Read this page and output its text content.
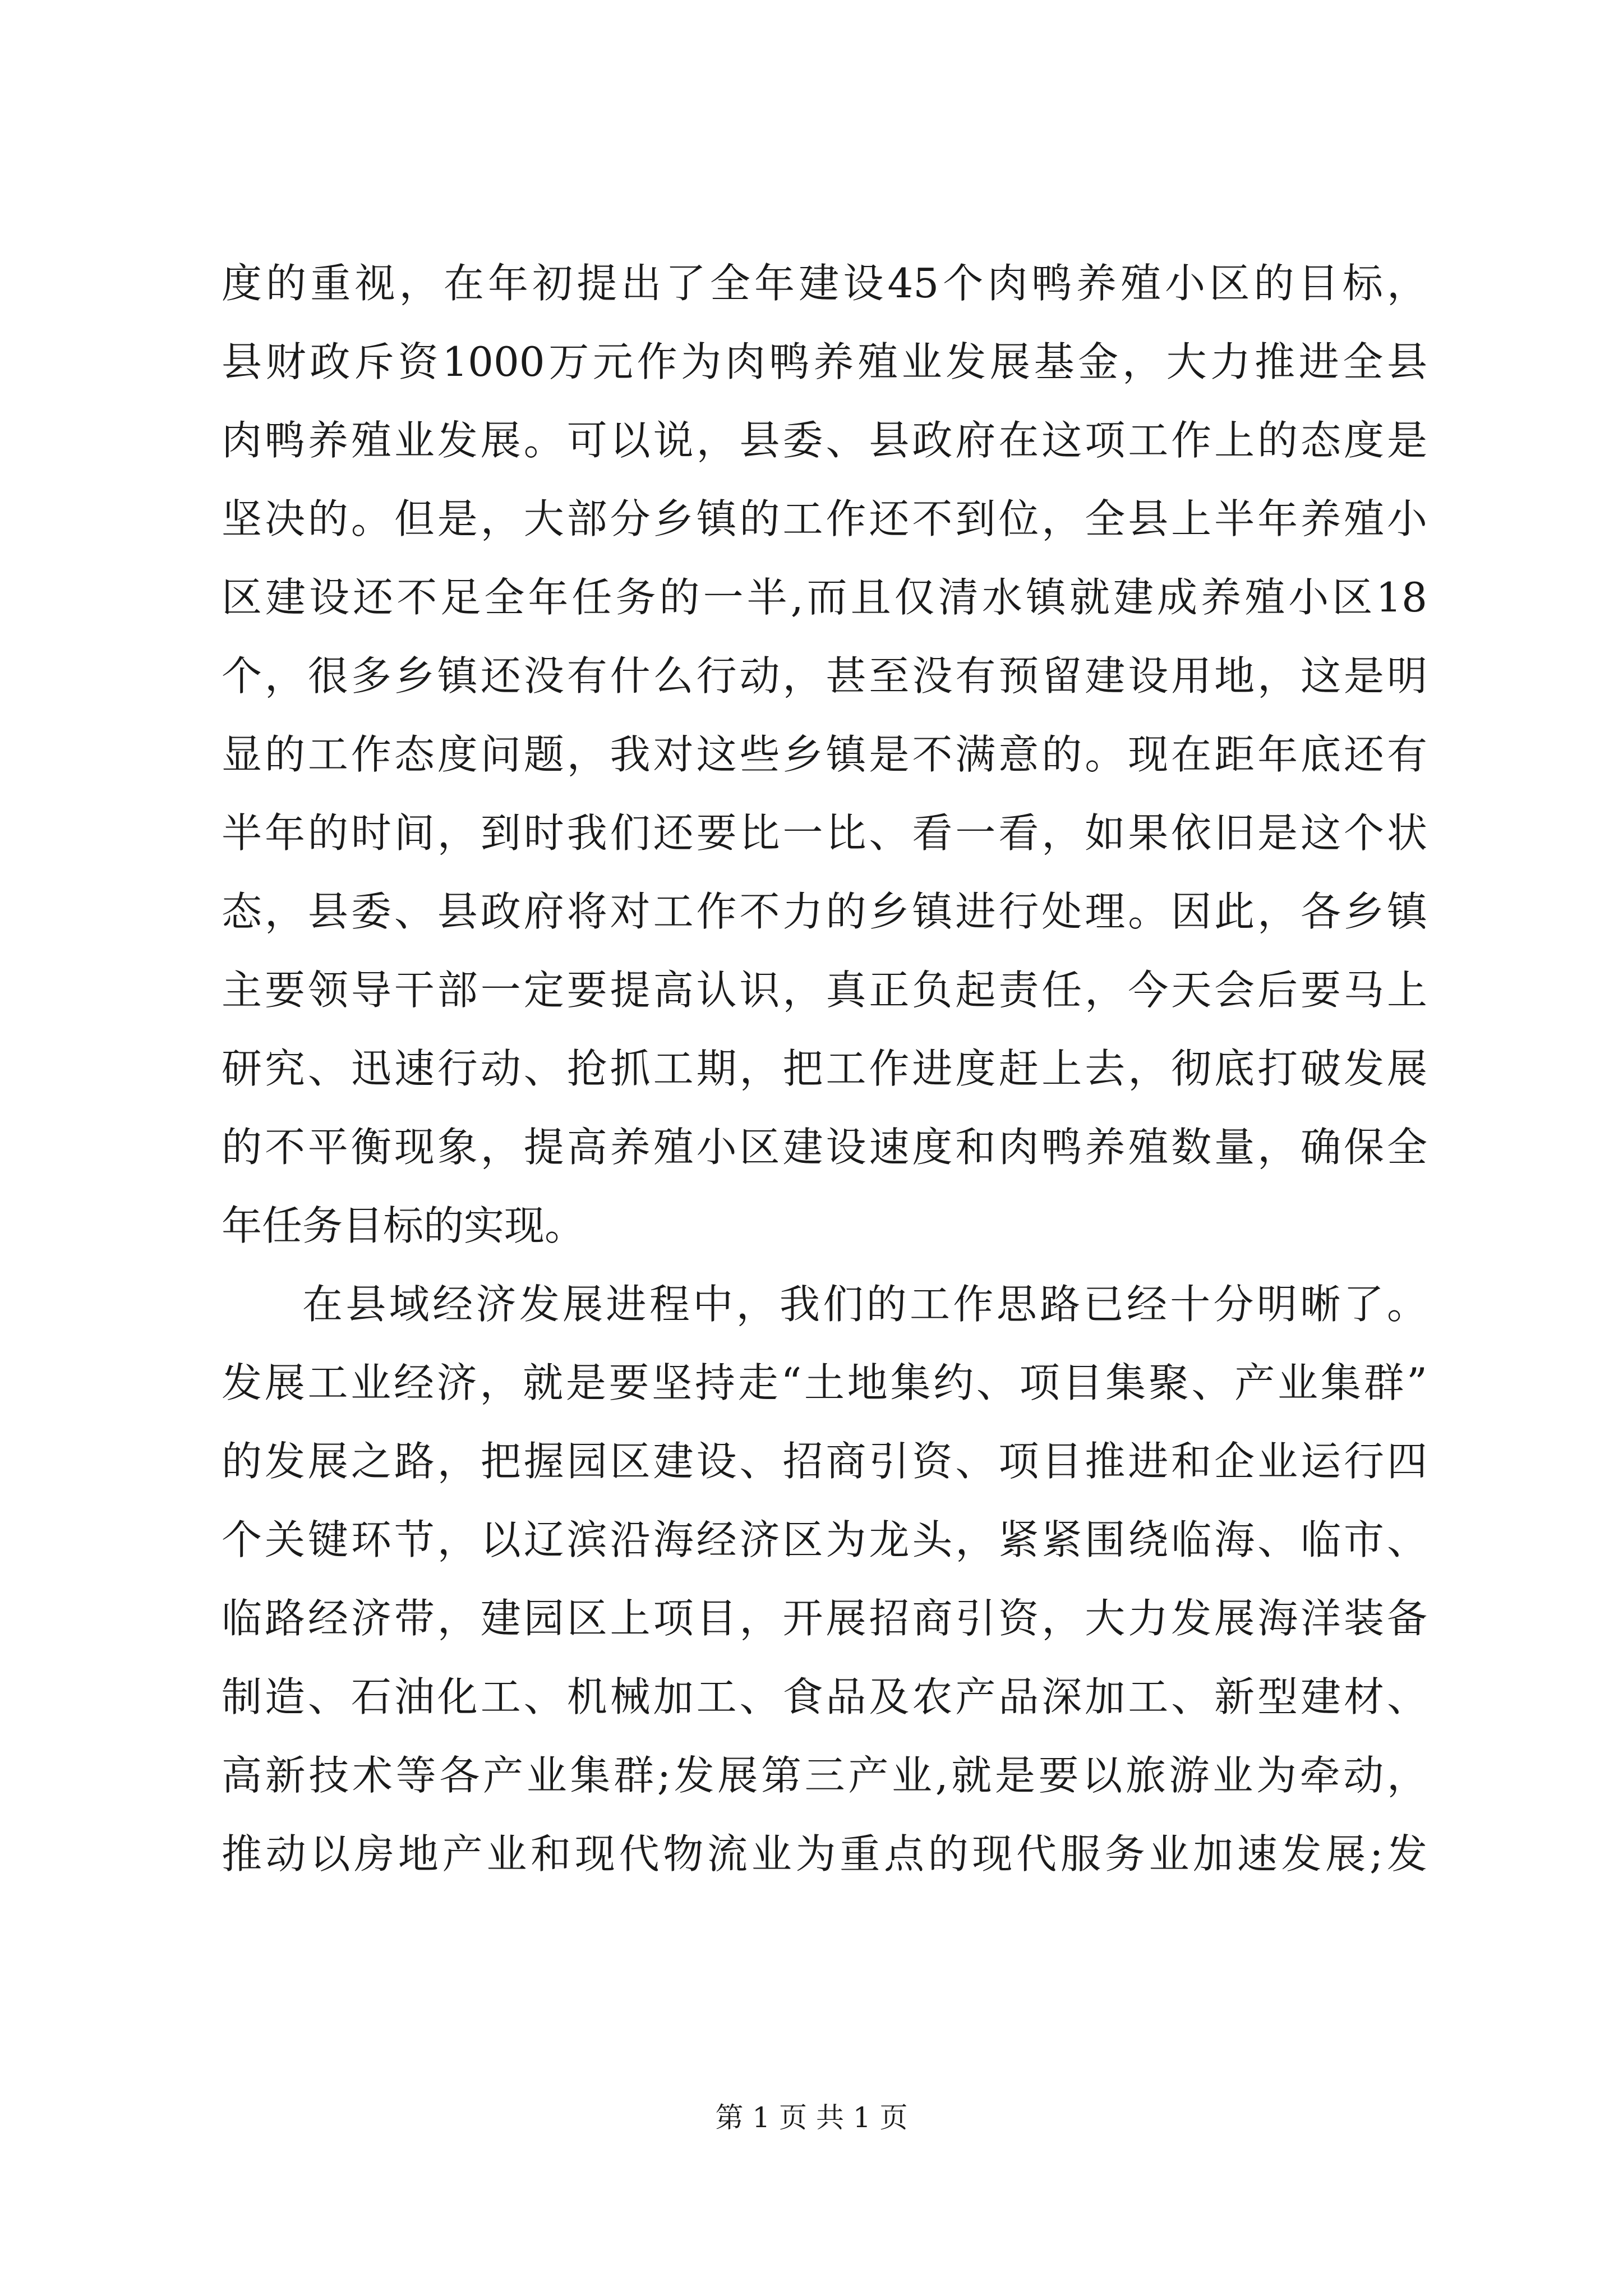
度的重视，在年初提出了全年建设45个肉鸭养殖小区的目标，
县财政斥资1000万元作为肉鸭养殖业发展基金，大力推进全县
肉鸭养殖业发展。可以说，县委、县政府在这项工作上的态度是
坚决的。但是，大部分乡镇的工作还不到位，全县上半年养殖小
区建设还不足全年任务的一半,而且仅清水镇就建成养殖小区18
个，很多乡镇还没有什么行动，甚至没有预留建设用地，这是明
显的工作态度问题，我对这些乡镇是不满意的。现在距年底还有
半年的时间，到时我们还要比一比、看一看，如果依旧是这个状
态，县委、县政府将对工作不力的乡镇进行处理。因此，各乡镇
主要领导干部一定要提高认识，真正负起责任，今天会后要马上
研究、迅速行动、抢抓工期，把工作进度赶上去，彻底打破发展
的不平衡现象，提高养殖小区建设速度和肉鸭养殖数量，确保全
年任务目标的实现。
在县域经济发展进程中，我们的工作思路已经十分明晰了。
发展工业经济，就是要坚持走“土地集约、项目集聚、产业集群”
的发展之路，把握园区建设、招商引资、项目推进和企业运行四
个关键环节，以辽滨沿海经济区为龙头，紧紧围绕临海、临市、
临路经济带，建园区上项目，开展招商引资，大力发展海洋装备
制造、石油化工、机械加工、食品及农产品深加工、新型建材、
高新技术等各产业集群;发展第三产业,就是要以旅游业为牵动，
推动以房地产业和现代物流业为重点的现代服务业加速发展;发
第 1 页 共 1 页
